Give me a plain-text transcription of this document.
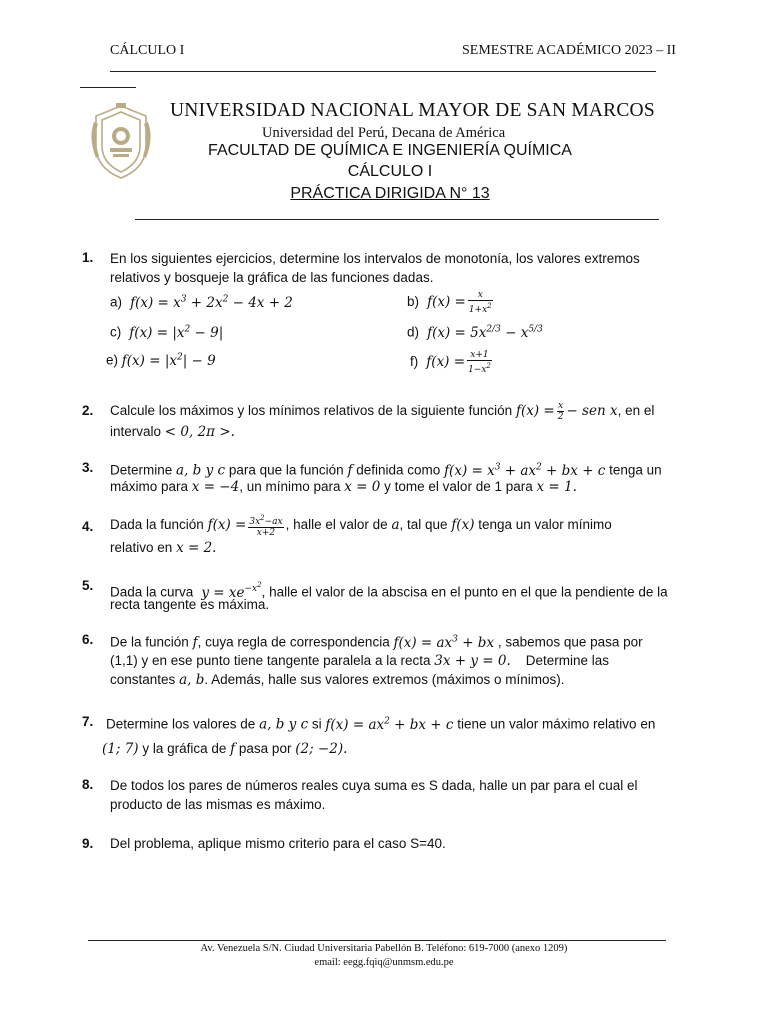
CÁLCULO I	SEMESTRE ACADÉMICO 2023 – II
UNIVERSIDAD NACIONAL MAYOR DE SAN MARCOS
Universidad del Perú, Decana de América
FACULTAD DE QUÍMICA E INGENIERÍA QUÍMICA
CÁLCULO I
PRÁCTICA DIRIGIDA N° 13
1. En los siguientes ejercicios, determine los intervalos de monotonía, los valores extremos
relativos y bosqueje la gráfica de las funciones dadas.
a)  $f(x) = x^3 + 2x^2 - 4x + 2$	b)  $f(x) = \frac{x}{1+x^2}$
c)  $f(x) = |x^2 - 9|$	d)  $f(x) = 5x^{2/3} - x^{5/3}$
e) $f(x) = |x^2| - 9$	f)  $f(x) = \frac{x+1}{1-x^2}$
2. Calcule los máximos y los mínimos relativos de la siguiente función $f(x) = \frac{x}{2}$ − sen x, en el
intervalo < 0, 2π >.
3. Determine a, b y c para que la función f definida como $f(x) = x^3 + ax^2$ + bx + c tenga un
máximo para x = −4, un mínimo para x = 0 y tome el valor de 1 para x = 1.
4. Dada la función $f(x) = \frac{3x^2-ax}{x+2}$ , halle el valor de a, tal que f(x) tenga un valor mínimo
relativo en x = 2.
5. Dada la curva  $y = xe^{-x^2}$, halle el valor de la abscisa en el punto en el que la pendiente de la
recta tangente es máxima.
6. De la función f, cuya regla de correspondencia $f(x) = ax^3$ + bx , sabemos que pasa por
(1,1) y en ese punto tiene tangente paralela a la recta 3x + y = 0. Determine las
constantes a, b. Además, halle sus valores extremos (máximos o mínimos).
7. Determine los valores de a, b y c si $f(x) = ax^2$ + bx + c tiene un valor máximo relativo en
(1; 7) y la gráfica de f pasa por (2; −2).
8. De todos los pares de números reales cuya suma es S dada, halle un par para el cual el
producto de las mismas es máximo.
9. Del problema, aplique mismo criterio para el caso S=40.
Av. Venezuela S/N. Ciudad Universitaria Pabellón B. Teléfono: 619-7000 (anexo 1209)
email: eegg.fqiq@unmsm.edu.pe
